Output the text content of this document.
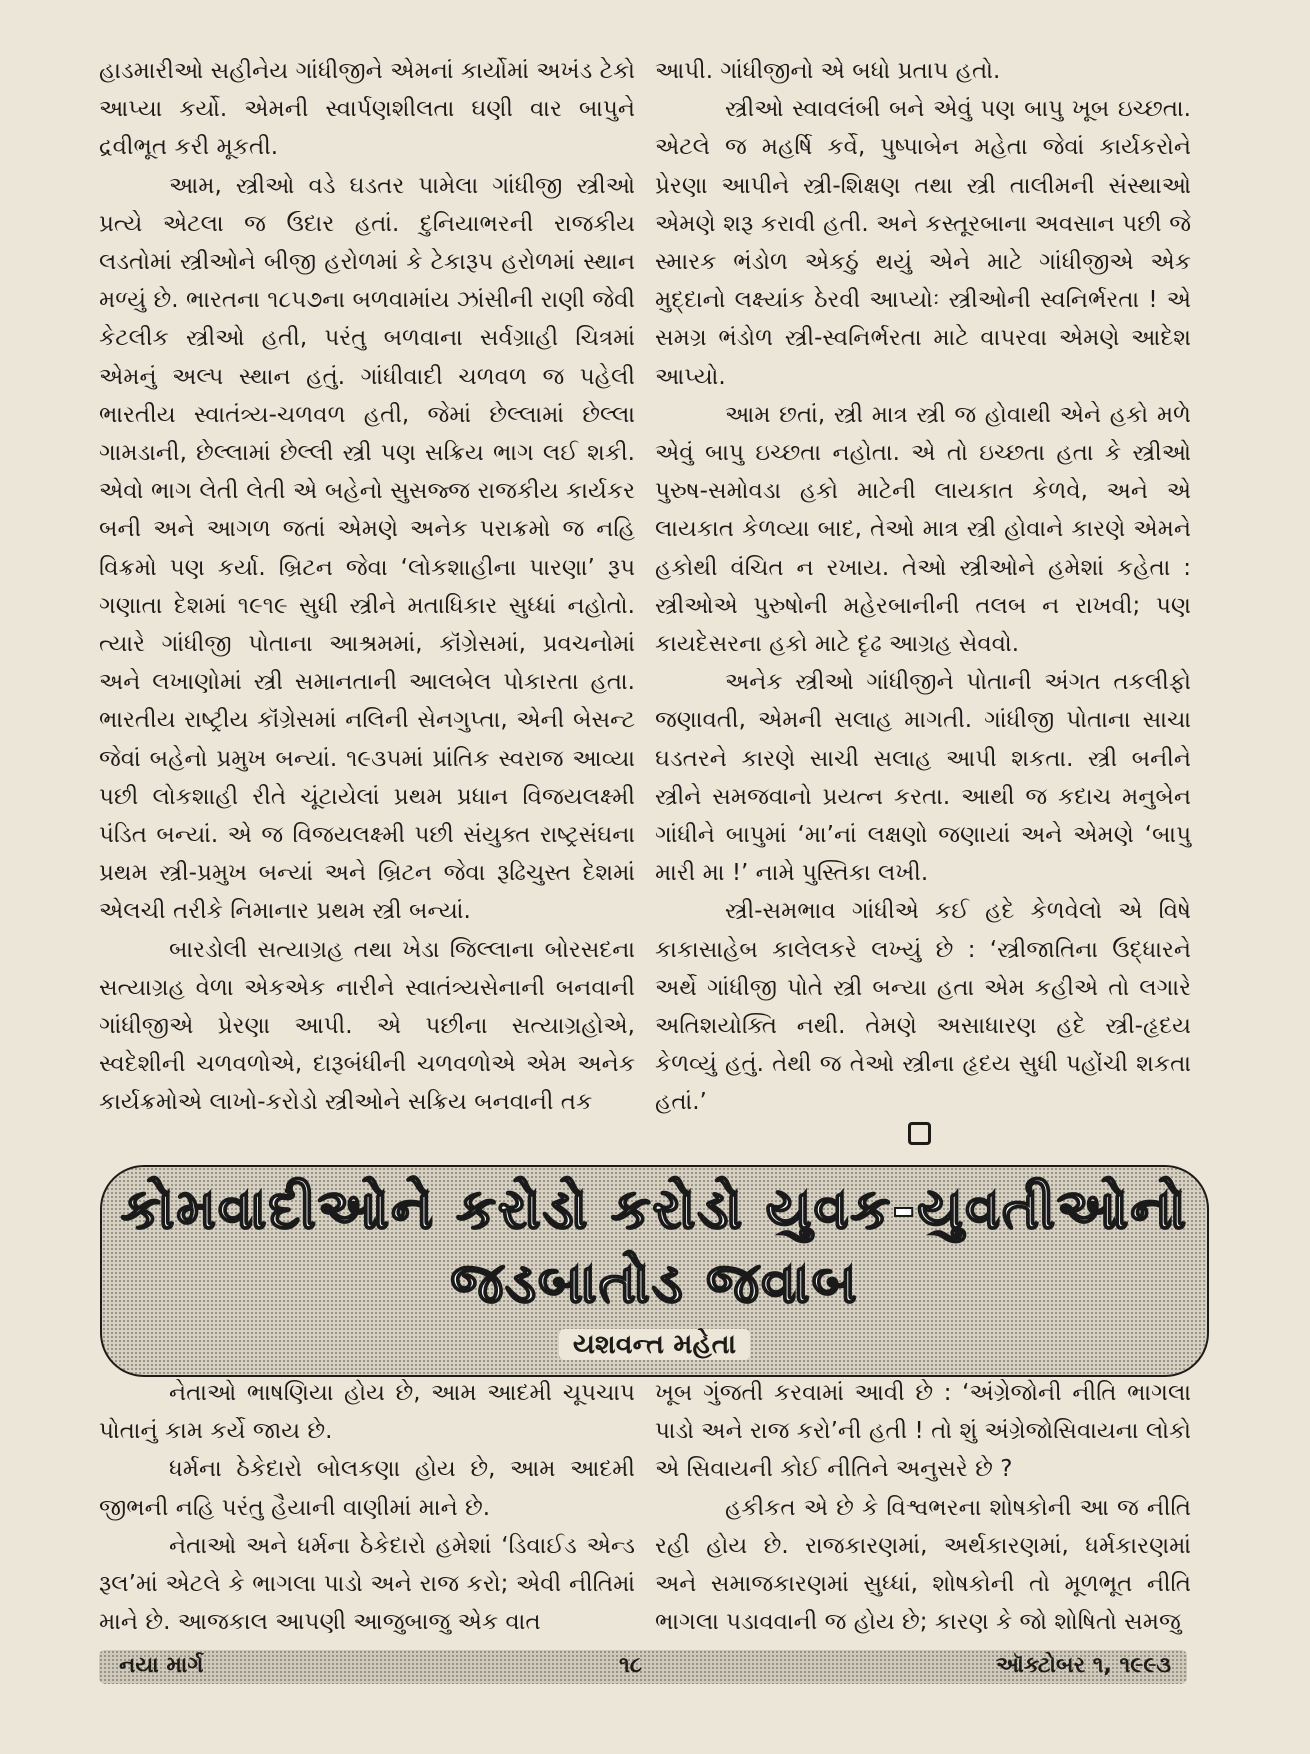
હાડમારીઓ સહીનેય ગાંધીજીને એમનાં કાર્યોમાં અખંડ ટેકો આપ્યા કર્યો. એમની સ્વાર્પણશીલતા ઘણી વાર બાપુને દ્રવીભૂત કરી મૂકતી.

આમ, સ્ત્રીઓ વડે ઘડતર પામેલા ગાંધીજી સ્ત્રીઓ પ્રત્યે એટલા જ ઉદાર હતાં. દુનિયાભરની રાજકીય લડતોમાં સ્ત્રીઓને બીજી હરોળમાં કે ટેકારૂપ હરોળમાં સ્થાન મળ્યું છે. ભારતના ૧૮૫૭ના બળવામાંય ઝાંસીની રાણી જેવી કેટલીક સ્ત્રીઓ હતી, પરંતુ બળવાના સર્વગ્રાહી ચિત્રમાં એમનું અલ્પ સ્થાન હતું. ગાંધીવાદી ચળવળ જ પહેલી ભારતીય સ્વાતંત્ર્ય-ચળવળ હતી, જેમાં છેલ્લામાં છેલ્લા ગામડાની, છેલ્લામાં છેલ્લી સ્ત્રી પણ સક્રિય ભાગ લઈ શકી. એવો ભાગ લેતી લેતી એ બહેનો સુસજ્જ રાજકીય કાર્યકર બની અને આગળ જતાં એમણે અનેક પરાક્રમો જ નહિ વિક્રમો પણ કર્યા. બ્રિટન જેવા ‘લોકશાહીના પારણા’ રૂપ ગણાતા દેશમાં ૧૯૧૯ સુધી સ્ત્રીને મતાધિકાર સુધ્ધાં નહોતો. ત્યારે ગાંધીજી પોતાના આશ્રમમાં, કૉંગ્રેસમાં, પ્રવચનોમાં અને લખાણોમાં સ્ત્રી સમાનતાની આલબેલ પોકારતા હતા. ભારતીય રાષ્ટ્રીય કૉંગ્રેસમાં નલિની સેનગુપ્તા, એની બેસન્ટ જેવાં બહેનો પ્રમુખ બન્યાં. ૧૯૩૫માં પ્રાંતિક સ્વરાજ આવ્યા પછી લોકશાહી રીતે ચૂંટાયેલાં પ્રથમ પ્રધાન વિજયલક્ષ્મી પંડિત બન્યાં. એ જ વિજયલક્ષ્મી પછી સંયુક્ત રાષ્ટ્રસંઘના પ્રથમ સ્ત્રી-પ્રમુખ બન્યાં અને બ્રિટન જેવા રૂઢિચુસ્ત દેશમાં એલચી તરીકે નિમાનાર પ્રથમ સ્ત્રી બન્યાં.

બારડોલી સત્યાગ્રહ તથા ખેડા જિલ્લાના બોરસદના સત્યાગ્રહ વેળા એકએક નારીને સ્વાતંત્ર્યસેનાની બનવાની ગાંધીજીએ પ્રેરણા આપી. એ પછીના સત્યાગ્રહોએ, સ્વદેશીની ચળવળોએ, દારૂબંધીની ચળવળોએ એમ અનેક કાર્યક્રમોએ લાખો-કરોડો સ્ત્રીઓને સક્રિય બનવાની તક

આપી. ગાંધીજીનો એ બધો પ્રતાપ હતો.

સ્ત્રીઓ સ્વાવલંબી બને એવું પણ બાપુ ખૂબ ઇચ્છતા. એટલે જ મહર્ષિ કર્વે, પુષ્પાબેન મહેતા જેવાં કાર્યકરોને પ્રેરણા આપીને સ્ત્રી-શિક્ષણ તથા સ્ત્રી તાલીમની સંસ્થાઓ એમણે શરૂ કરાવી હતી. અને કસ્તૂરબાના અવસાન પછી જે સ્મારક ભંડોળ એકઠું થયું એને માટે ગાંધીજીએ એક મુદ્દાનો લક્ષ્યાંક ઠેરવી આપ્યોઃ સ્ત્રીઓની સ્વનિર્ભરતા ! એ સમગ્ર ભંડોળ સ્ત્રી-સ્વનિર્ભરતા માટે વાપરવા એમણે આદેશ આપ્યો.

આમ છતાં, સ્ત્રી માત્ર સ્ત્રી જ હોવાથી એને હકો મળે એવું બાપુ ઇચ્છતા નહોતા. એ તો ઇચ્છતા હતા કે સ્ત્રીઓ પુરુષ-સમોવડા હકો માટેની લાયકાત કેળવે, અને એ લાયકાત કેળવ્યા બાદ, તેઓ માત્ર સ્ત્રી હોવાને કારણે એમને હકોથી વંચિત ન રખાય. તેઓ સ્ત્રીઓને હમેશાં કહેતા : સ્ત્રીઓએ પુરુષોની મહેરબાનીની તલબ ન રાખવી; પણ કાયદેસરના હકો માટે દૃઢ આગ્રહ સેવવો.

અનેક સ્ત્રીઓ ગાંધીજીને પોતાની અંગત તકલીફો જણાવતી, એમની સલાહ માગતી. ગાંધીજી પોતાના સાચા ઘડતરને કારણે સાચી સલાહ આપી શકતા. સ્ત્રી બનીને સ્ત્રીને સમજવાનો પ્રયત્ન કરતા. આથી જ કદાચ મનુબેન ગાંધીને બાપુમાં ‘મા’નાં લક્ષણો જણાયાં અને એમણે ‘બાપુ મારી મા !’ નામે પુસ્તિકા લખી.

સ્ત્રી-સમભાવ ગાંધીએ કઈ હદે કેળવેલો એ વિષે કાકાસાહેબ કાલેલકરે લખ્યું છે : ‘સ્ત્રીજાતિના ઉદ્ધારને અર્થે ગાંધીજી પોતે સ્ત્રી બન્યા હતા એમ કહીએ તો લગારે અતિશયોક્તિ નથી. તેમણે અસાધારણ હદે સ્ત્રી-હૃદય કેળવ્યું હતું. તેથી જ તેઓ સ્ત્રીના હૃદય સુધી પહોંચી શકતા હતાં.’

કોમવાદીઓને કરોડો કરોડો યુવક-યુવતીઓનો
જડબાતોડ જવાબ
યશવન્ત મહેતા

નેતાઓ ભાષણિયા હોય છે, આમ આદમી ચૂપચાપ પોતાનું કામ કર્યે જાય છે.

ધર્મના ઠેકેદારો બોલકણા હોય છે, આમ આદમી જીભની નહિ પરંતુ હૈયાની વાણીમાં માને છે.

નેતાઓ અને ધર્મના ઠેકેદારો હમેશાં ‘ડિવાઈડ એન્ડ રૂલ’માં એટલે કે ભાગલા પાડો અને રાજ કરો; એવી નીતિમાં માને છે. આજકાલ આપણી આજુબાજુ એક વાત

ખૂબ ગુંજતી કરવામાં આવી છે : ‘અંગ્રેજોની નીતિ ભાગલા પાડો અને રાજ કરો’ની હતી ! તો શું અંગ્રેજોસિવાયના લોકો એ સિવાયની કોઈ નીતિને અનુસરે છે ?

હકીકત એ છે કે વિશ્વભરના શોષકોની આ જ નીતિ રહી હોય છે. રાજકારણમાં, અર્થકારણમાં, ધર્મકારણમાં અને સમાજકારણમાં સુધ્ધાં, શોષકોની તો મૂળભૂત નીતિ ભાગલા પડાવવાની જ હોય છે; કારણ કે જો શોષિતો સમજુ

નયા માર્ગ	૧૮	ઑક્ટોબર ૧, ૧૯૯૩
